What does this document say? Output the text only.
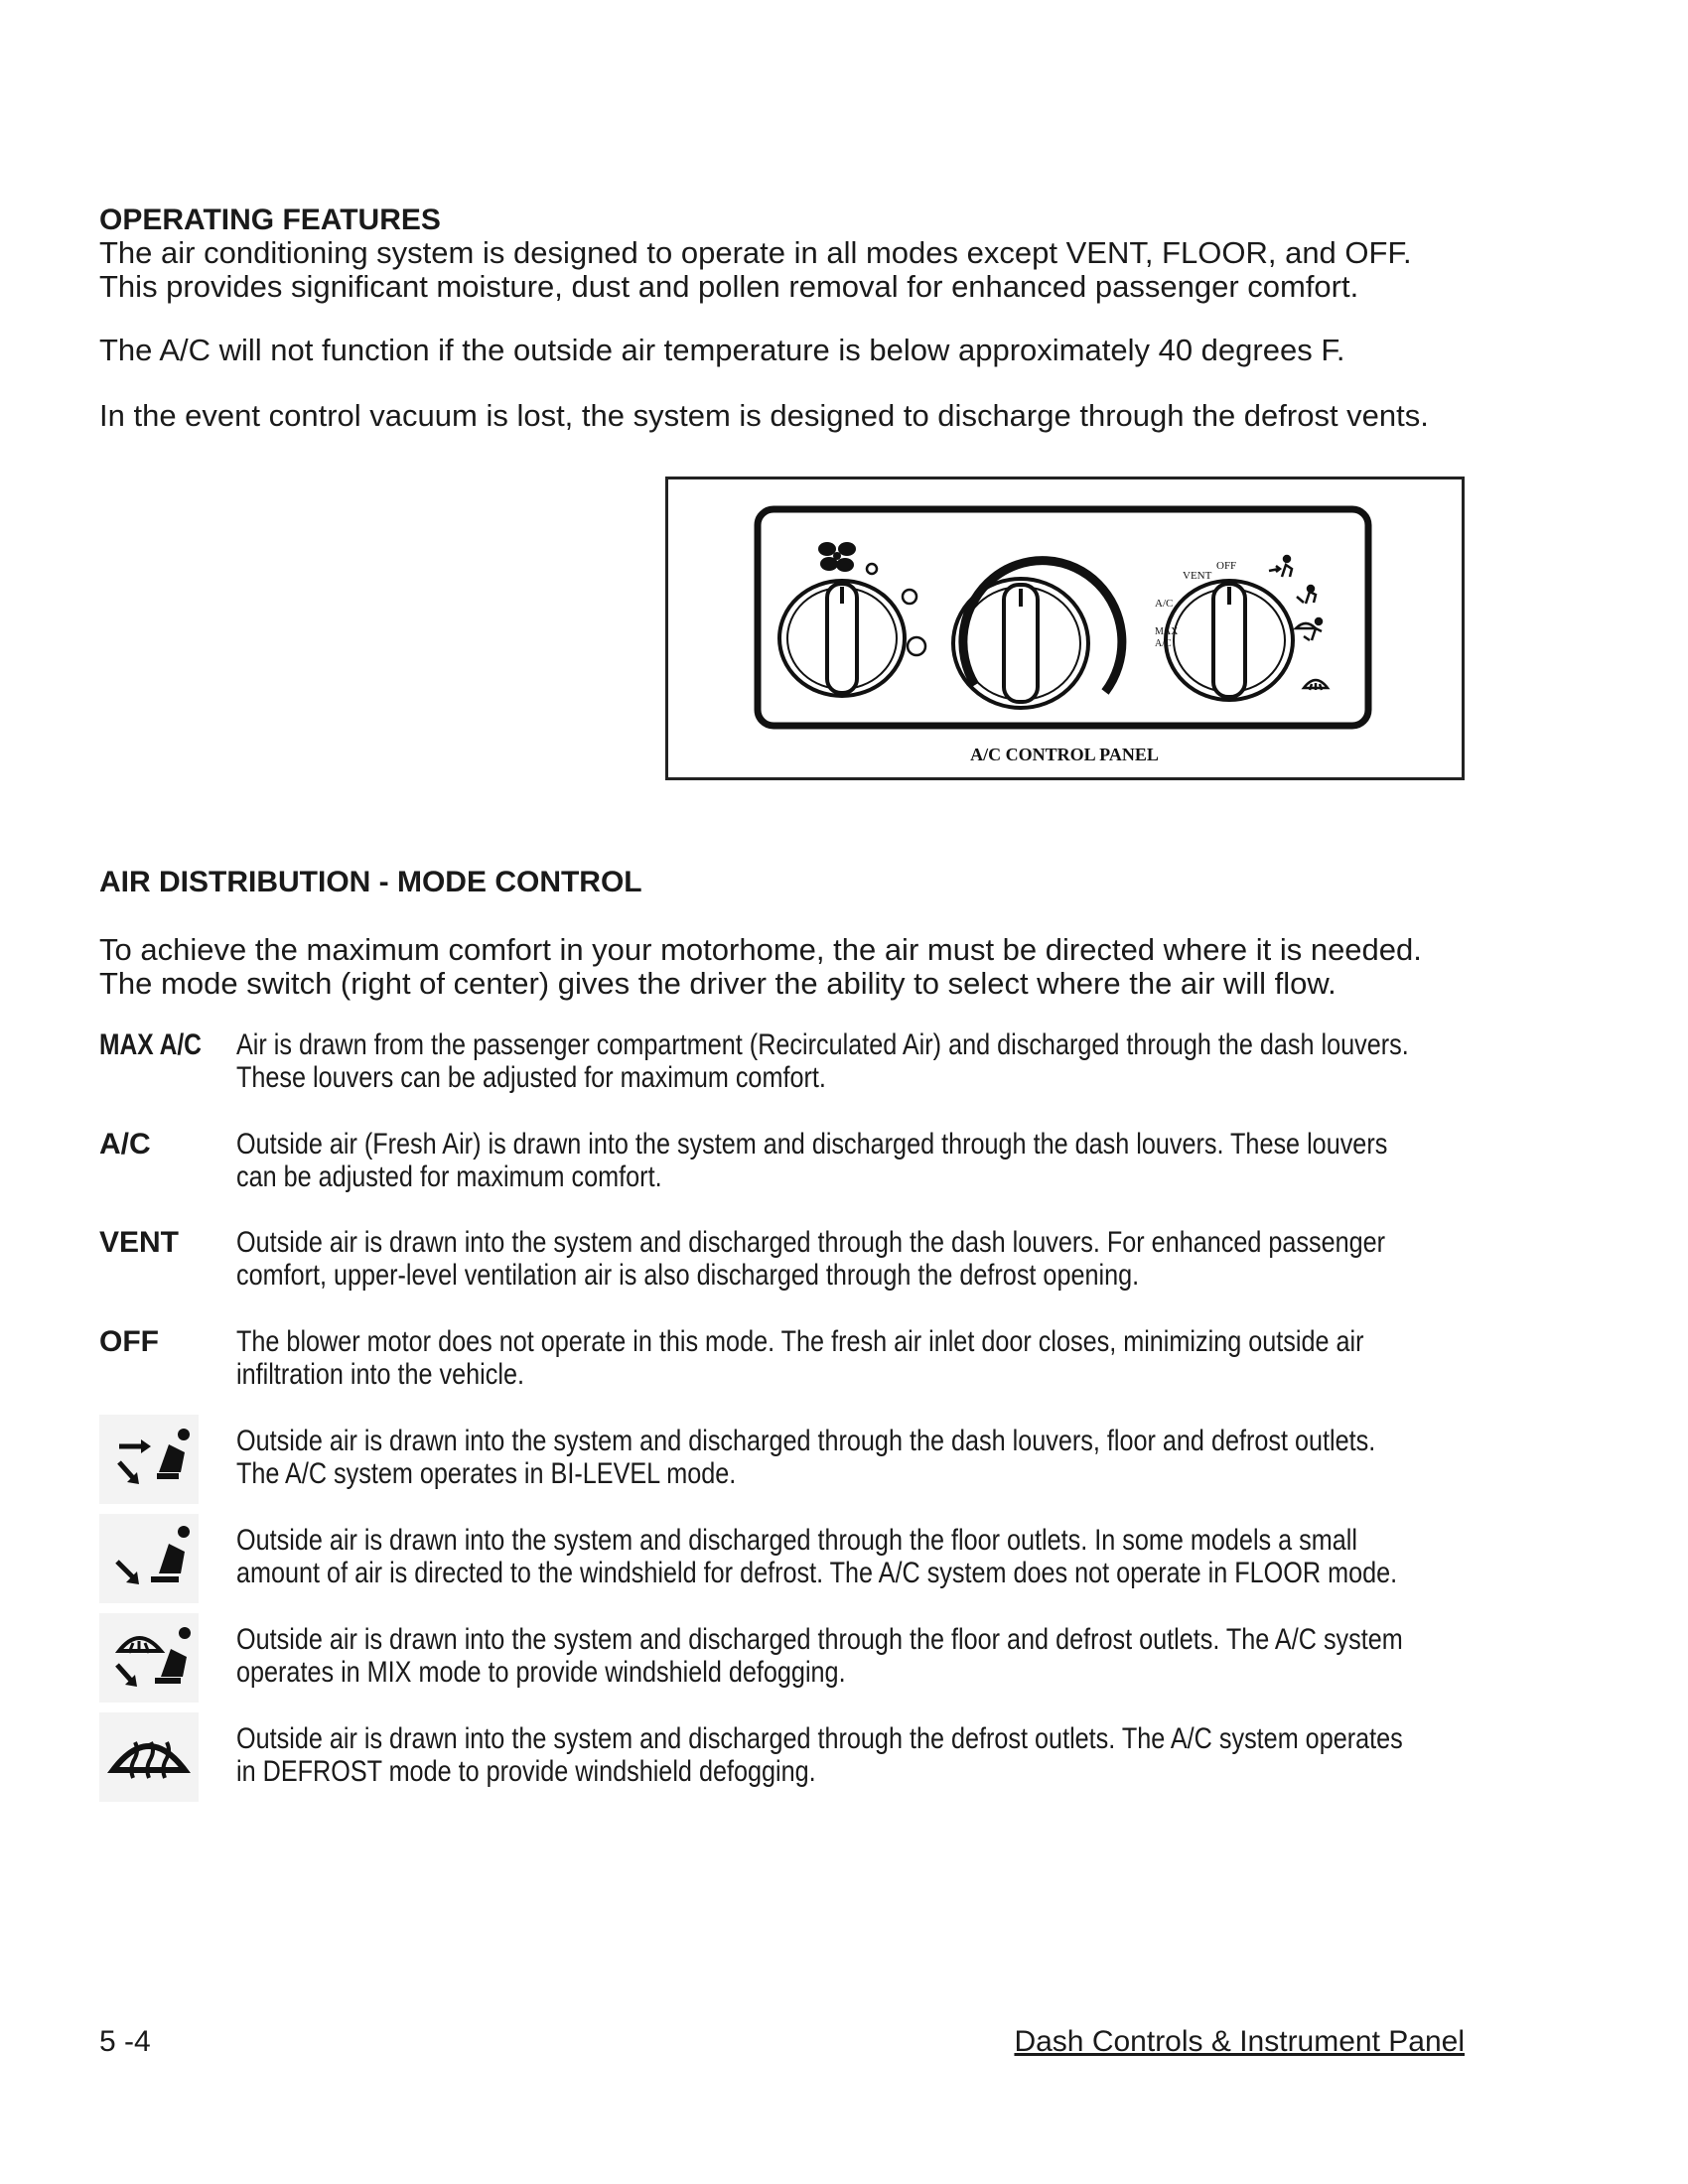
OPERATING FEATURES
The air conditioning system is designed to operate in all modes except VENT, FLOOR, and OFF.
This provides significant moisture, dust and pollen removal for enhanced passenger comfort.
The A/C will not function if the outside air temperature is below approximately 40 degrees F.
In the event control vacuum is lost, the system is designed to discharge through the defrost vents.
VENT
OFF
A/C
MAX
A/C
A/C CONTROL PANEL
AIR DISTRIBUTION - MODE CONTROL
To achieve the maximum comfort in your motorhome, the air must be directed where it is needed.
The mode switch (right of center) gives the driver the ability to select where the air will flow.
MAX A/C Air is drawn from the passenger compartment (Recirculated Air) and discharged through the dash louvers.
These louvers can be adjusted for maximum comfort.
A/C	Outside air (Fresh Air) is drawn into the system and discharged through the dash louvers. These louvers
can be adjusted for maximum comfort.
VENT Outside air is drawn into the system and discharged through the dash louvers. For enhanced passenger
comfort, upper-level ventilation air is also discharged through the defrost opening.
OFF	The blower motor does not operate in this mode. The fresh air inlet door closes, minimizing outside air
infiltration into the vehicle.
Outside air is drawn into the system and discharged through the dash louvers, floor and defrost outlets.
The A/C system operates in BI-LEVEL mode.
Outside air is drawn into the system and discharged through the floor outlets. In some models a small
amount of air is directed to the windshield for defrost. The A/C system does not operate in FLOOR mode.
Outside air is drawn into the system and discharged through the floor and defrost outlets. The A/C system
operates in MIX mode to provide windshield defogging.
Outside air is drawn into the system and discharged through the defrost outlets. The A/C system operates
in DEFROST mode to provide windshield defogging.
5 -4	Dash Controls & Instrument Panel
